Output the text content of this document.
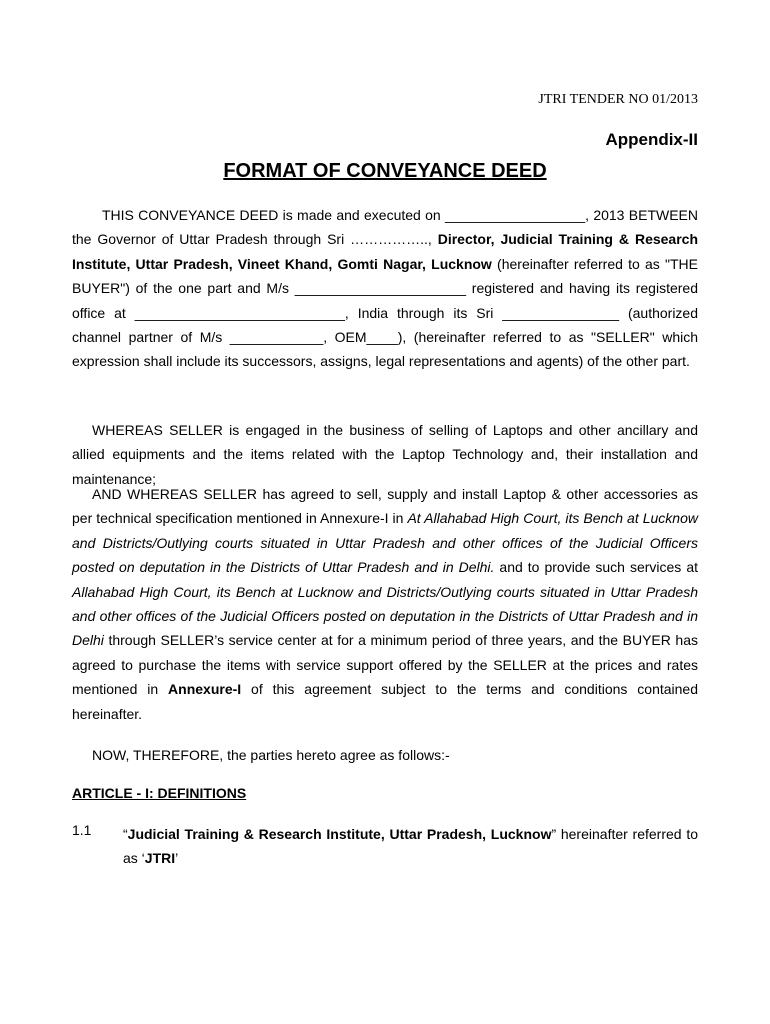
JTRI TENDER NO 01/2013
Appendix-II
FORMAT OF CONVEYANCE DEED
THIS CONVEYANCE DEED is made and executed on __________________, 2013 BETWEEN the Governor of Uttar Pradesh through Sri …………….., Director, Judicial Training & Research Institute, Uttar Pradesh, Vineet Khand, Gomti Nagar, Lucknow (hereinafter referred to as "THE BUYER") of the one part and M/s ______________________ registered and having its registered office at ___________________________, India through its Sri _______________ (authorized channel partner of M/s ____________, OEM____), (hereinafter referred to as "SELLER" which expression shall include its successors, assigns, legal representations and agents) of the other part.
WHEREAS SELLER is engaged in the business of selling of Laptops and other ancillary and allied equipments and the items related with the Laptop Technology and, their installation and maintenance;
AND WHEREAS SELLER has agreed to sell, supply and install Laptop & other accessories as per technical specification mentioned in Annexure-I in At Allahabad High Court, its Bench at Lucknow and Districts/Outlying courts situated in Uttar Pradesh and other offices of the Judicial Officers posted on deputation in the Districts of Uttar Pradesh and in Delhi. and to provide such services at Allahabad High Court, its Bench at Lucknow and Districts/Outlying courts situated in Uttar Pradesh and other offices of the Judicial Officers posted on deputation in the Districts of Uttar Pradesh and in Delhi through SELLER’s service center at for a minimum period of three years, and the BUYER has agreed to purchase the items with service support offered by the SELLER at the prices and rates mentioned in Annexure-I of this agreement subject to the terms and conditions contained hereinafter.
NOW, THEREFORE, the parties hereto agree as follows:-
ARTICLE - I: DEFINITIONS
1.1 “Judicial Training & Research Institute, Uttar Pradesh, Lucknow” hereinafter referred to as ‘JTRI’
